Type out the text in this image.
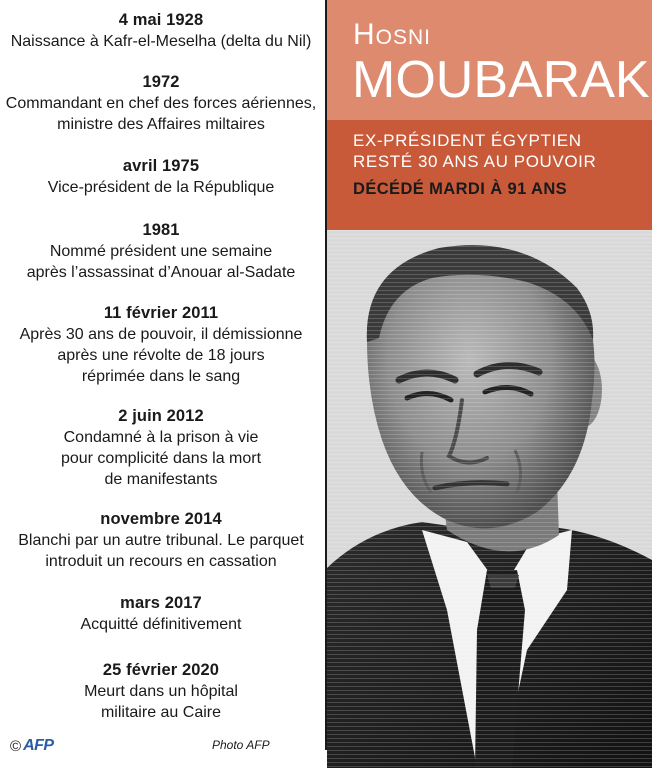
4 mai 1928
Naissance à Kafr-el-Meselha (delta du Nil)
1972
Commandant en chef des forces aériennes,
ministre des Affaires miltaires
avril 1975
Vice-président de la République
1981
Nommé président une semaine
après l’assassinat d’Anouar al-Sadate
11 février 2011
Après 30 ans de pouvoir, il démissionne
après une révolte de 18 jours
réprimée dans le sang
2 juin 2012
Condamné à la prison à vie
pour complicité dans la mort
de manifestants
novembre 2014
Blanchi par un autre tribunal. Le parquet
introduit un recours en cassation
mars 2017
Acquitté définitivement
25 février 2020
Meurt dans un hôpital
militaire au Caire
Hosni
MOUBARAK
EX-PRÉSIDENT ÉGYPTIEN
RESTÉ 30 ANS AU POUVOIR
DÉCÉDÉ MARDI À 91 ANS
© AFP	Photo AFP
